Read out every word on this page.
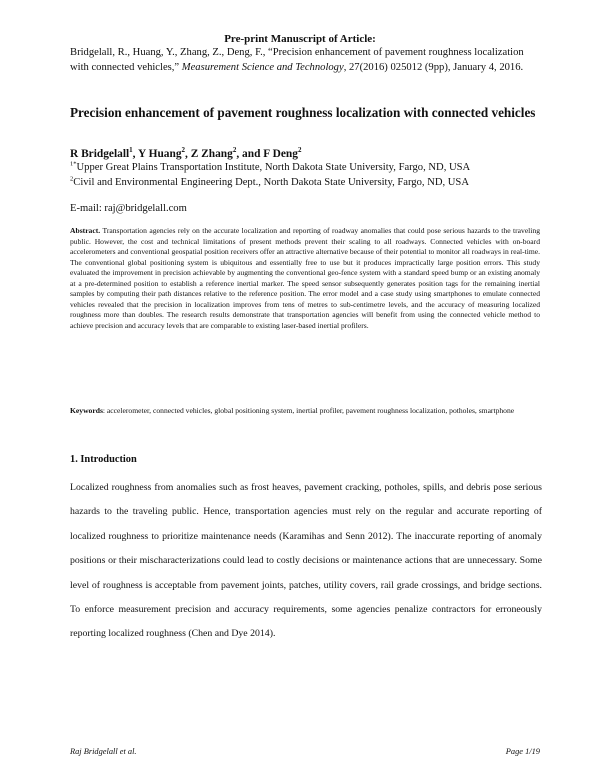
Pre-print Manuscript of Article:
Bridgelall, R., Huang, Y., Zhang, Z., Deng, F., “Precision enhancement of pavement roughness localization with connected vehicles,” Measurement Science and Technology, 27(2016) 025012 (9pp), January 4, 2016.
Precision enhancement of pavement roughness localization with connected vehicles
R Bridgelall$^1$, Y Huang$^2$, Z Zhang$^2$, and F Deng$^2$
$^{1*}$Upper Great Plains Transportation Institute, North Dakota State University, Fargo, ND, USA
$^2$Civil and Environmental Engineering Dept., North Dakota State University, Fargo, ND, USA
E-mail: raj@bridgelall.com
Abstract. Transportation agencies rely on the accurate localization and reporting of roadway anomalies that could pose serious hazards to the traveling public. However, the cost and technical limitations of present methods prevent their scaling to all roadways. Connected vehicles with on-board accelerometers and conventional geospatial position receivers offer an attractive alternative because of their potential to monitor all roadways in real-time. The conventional global positioning system is ubiquitous and essentially free to use but it produces impractically large position errors. This study evaluated the improvement in precision achievable by augmenting the conventional geo-fence system with a standard speed bump or an existing anomaly at a pre-determined position to establish a reference inertial marker. The speed sensor subsequently generates position tags for the remaining inertial samples by computing their path distances relative to the reference position. The error model and a case study using smartphones to emulate connected vehicles revealed that the precision in localization improves from tens of metres to sub-centimetre levels, and the accuracy of measuring localized roughness more than doubles. The research results demonstrate that transportation agencies will benefit from using the connected vehicle method to achieve precision and accuracy levels that are comparable to existing laser-based inertial profilers.
Keywords: accelerometer, connected vehicles, global positioning system, inertial profiler, pavement roughness localization, potholes, smartphone
1. Introduction
Localized roughness from anomalies such as frost heaves, pavement cracking, potholes, spills, and debris pose serious hazards to the traveling public. Hence, transportation agencies must rely on the regular and accurate reporting of localized roughness to prioritize maintenance needs (Karamihas and Senn 2012). The inaccurate reporting of anomaly positions or their mischaracterizations could lead to costly decisions or maintenance actions that are unnecessary. Some level of roughness is acceptable from pavement joints, patches, utility covers, rail grade crossings, and bridge sections. To enforce measurement precision and accuracy requirements, some agencies penalize contractors for erroneously reporting localized roughness (Chen and Dye 2014).
Raj Bridgelall et al.	Page 1/19
